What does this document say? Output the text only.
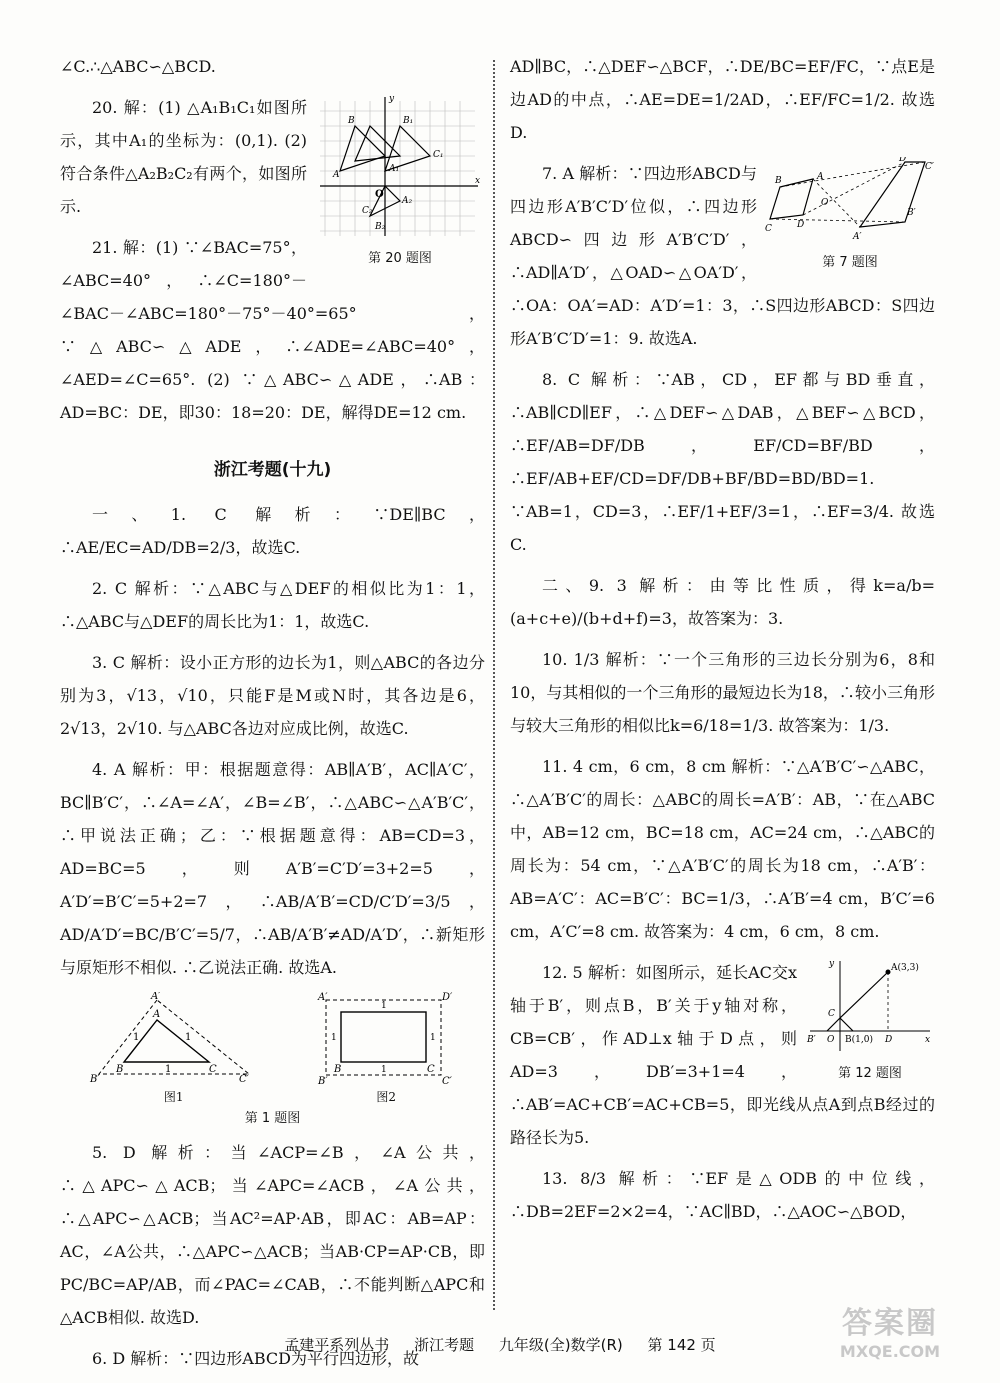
∠C.∴△ABC∽△BCD.

x
y
O
B
A
B₁
C₁
A₁
A₂
C₂
B₂
第 20 题图

20. 解：(1) △A₁B₁C₁如图所示，其中A₁的坐标为：(0,1). (2)符合条件△A₂B₂C₂有两个，如图所示.

21. 解：(1) ∵∠BAC=75°，∠ABC=40°，∴∠C=180°－∠BAC－∠ABC=180°－75°－40°=65°，∵△ABC∽△ADE，∴∠ADE=∠ABC=40°，∠AED=∠C=65°. (2) ∵△ABC∽△ADE，∴AB：AD=BC：DE，即30：18=20：DE，解得DE=12 cm.

浙江考题(十九)

一、1. C 解析：∵DE∥BC，∴AE/EC=AD/DB=2/3，故选C.

2. C 解析：∵△ABC与△DEF的相似比为1：1，∴△ABC与△DEF的周长比为1：1，故选C.

3. C 解析：设小正方形的边长为1，则△ABC的各边分别为3，√13，√10，只能F是M或N时，其各边是6，2√13，2√10. 与△ABC各边对应成比例，故选C.

4. A 解析：甲：根据题意得：AB∥A′B′，AC∥A′C′，BC∥B′C′，∴∠A=∠A′，∠B=∠B′，∴△ABC∽△A′B′C′，∴甲说法正确；乙：∵根据题意得：AB=CD=3，AD=BC=5，则A′B′=C′D′=3+2=5，A′D′=B′C′=5+2=7，∴AB/A′B′=CD/C′D′=3/5，AD/A′D′=BC/B′C′=5/7，∴AB/A′B′≠AD/A′D′，∴新矩形与原矩形不相似. ∴乙说法正确. 故选A.

A′
A
B	C
B′	C′
1	1
1
图1
A′	D′
B	C
B′	C′
1
1
1	1
图2
第 1 题图

5. D 解析：当∠ACP=∠B，∠A公共，∴△APC∽△ACB；当∠APC=∠ACB，∠A公共，∴△APC∽△ACB；当AC²=AP·AB，即AC：AB=AP：AC，∠A公共，∴△APC∽△ACB；当AB·CP=AP·CB，即PC/BC=AP/AB，而∠PAC=∠CAB，∴不能判断△APC和△ACB相似. 故选D.

6. D 解析：∵四边形ABCD为平行四边形，故

AD∥BC，∴△DEF∽△BCF，∴DE/BC=EF/FC，∵点E是边AD的中点，∴AE=DE=1/2AD，∴EF/FC=1/2. 故选D.

A
B
C	D
O
D′
C′
B′
A′
第 7 题图

7. A 解析：∵四边形ABCD与四边形A′B′C′D′位似，∴四边形ABCD∽四边形A′B′C′D′，∴AD∥A′D′，△OAD∽△OA′D′，∴OA：OA′=AD：A′D′=1：3，∴S四边形ABCD：S四边形A′B′C′D′=1：9. 故选A.

8. C 解析：∵AB，CD，EF都与BD垂直，∴AB∥CD∥EF，∴△DEF∽△DAB，△BEF∽△BCD，∴EF/AB=DF/DB，EF/CD=BF/BD，∴EF/AB+EF/CD=DF/DB+BF/BD=BD/BD=1. ∵AB=1，CD=3，∴EF/1+EF/3=1，∴EF=3/4. 故选C.

二、9. 3 解析：由等比性质，得k=a/b=(a+c+e)/(b+d+f)=3，故答案为：3.

10. 1/3 解析：∵一个三角形的三边长分别为6，8和10，与其相似的一个三角形的最短边长为18，∴较小三角形与较大三角形的相似比k=6/18=1/3. 故答案为：1/3.

11. 4 cm，6 cm，8 cm 解析：∵△A′B′C′∽△ABC，∴△A′B′C′的周长：△ABC的周长=A′B′：AB，∵在△ABC中，AB=12 cm，BC=18 cm，AC=24 cm，∴△ABC的周长为：54 cm，∵△A′B′C′的周长为18 cm，∴A′B′：AB=A′C′：AC=B′C′：BC=1/3，∴A′B′=4 cm，B′C′=6 cm，A′C′=8 cm. 故答案为：4 cm，6 cm，8 cm.

x
y	A(3,3)
C
B′ O B(1,0) D
第 12 题图

12. 5 解析：如图所示，延长AC交x轴于B′，则点B，B′关于y轴对称，CB=CB′，作AD⊥x轴于D点，则AD=3，DB′=3+1=4，∴AB′=AC+CB′=AC+CB=5，即光线从点A到点B经过的路径长为5.

13. 8/3 解析：∵EF是△ODB的中位线，∴DB=2EF=2×2=4，∵AC∥BD，∴△AOC∽△BOD，

孟建平系列丛书 浙江考题 九年级(全)数学(R) 第 142 页
答案圈
MXQE.COM
